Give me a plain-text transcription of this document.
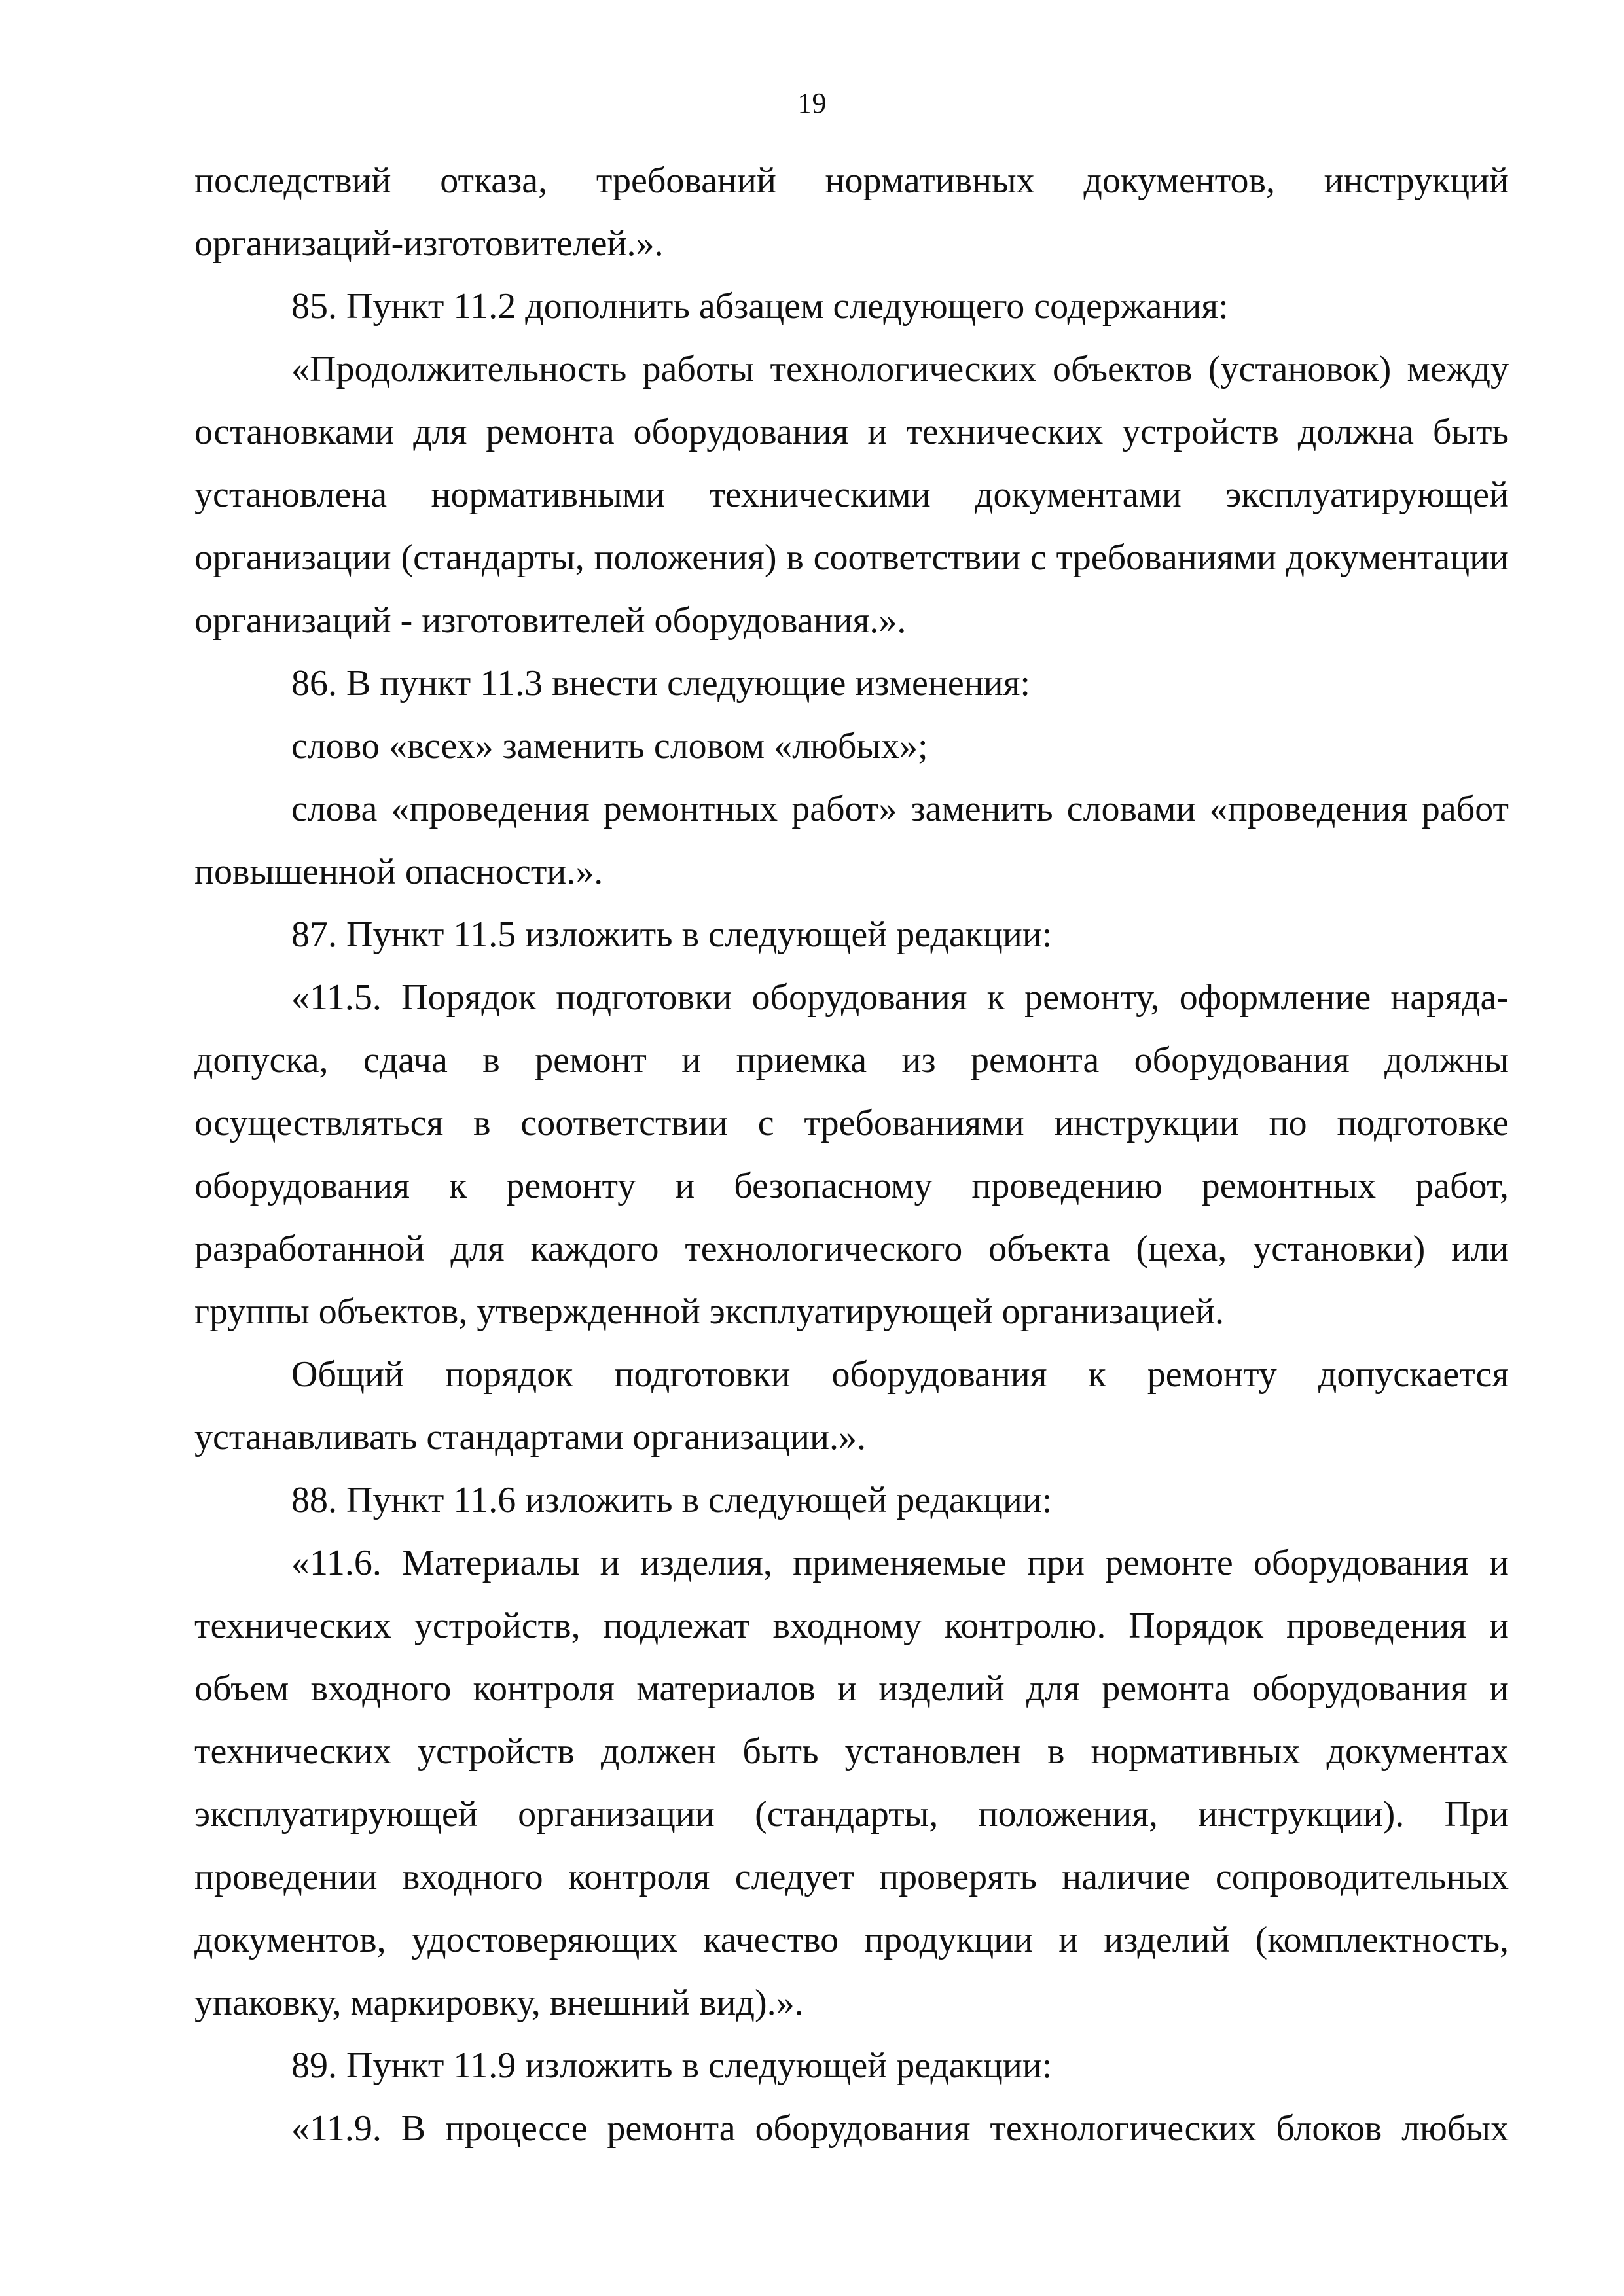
19

последствий отказа, требований нормативных документов, инструкций организаций-изготовителей.».

85. Пункт 11.2 дополнить абзацем следующего содержания:

«Продолжительность работы технологических объектов (установок) между остановками для ремонта оборудования и технических устройств должна быть установлена нормативными техническими документами эксплуатирующей организации (стандарты, положения) в соответствии с требованиями документации организаций - изготовителей оборудования.».

86. В пункт 11.3 внести следующие изменения:

слово «всех» заменить словом «любых»;

слова «проведения ремонтных работ» заменить словами «проведения работ повышенной опасности.».

87. Пункт 11.5 изложить в следующей редакции:

«11.5. Порядок подготовки оборудования к ремонту, оформление наряда-допуска, сдача в ремонт и приемка из ремонта оборудования должны осуществляться в соответствии с требованиями инструкции по подготовке оборудования к ремонту и безопасному проведению ремонтных работ, разработанной для каждого технологического объекта (цеха, установки) или группы объектов, утвержденной эксплуатирующей организацией.

Общий порядок подготовки оборудования к ремонту допускается устанавливать стандартами организации.».

88. Пункт 11.6 изложить в следующей редакции:

«11.6. Материалы и изделия, применяемые при ремонте оборудования и технических устройств, подлежат входному контролю. Порядок проведения и объем входного контроля материалов и изделий для ремонта оборудования и технических устройств должен быть установлен в нормативных документах эксплуатирующей организации (стандарты, положения, инструкции). При проведении входного контроля следует проверять наличие сопроводительных документов, удостоверяющих качество продукции и изделий (комплектность, упаковку, маркировку, внешний вид).».

89. Пункт 11.9 изложить в следующей редакции:

«11.9. В процессе ремонта оборудования технологических блоков любых
